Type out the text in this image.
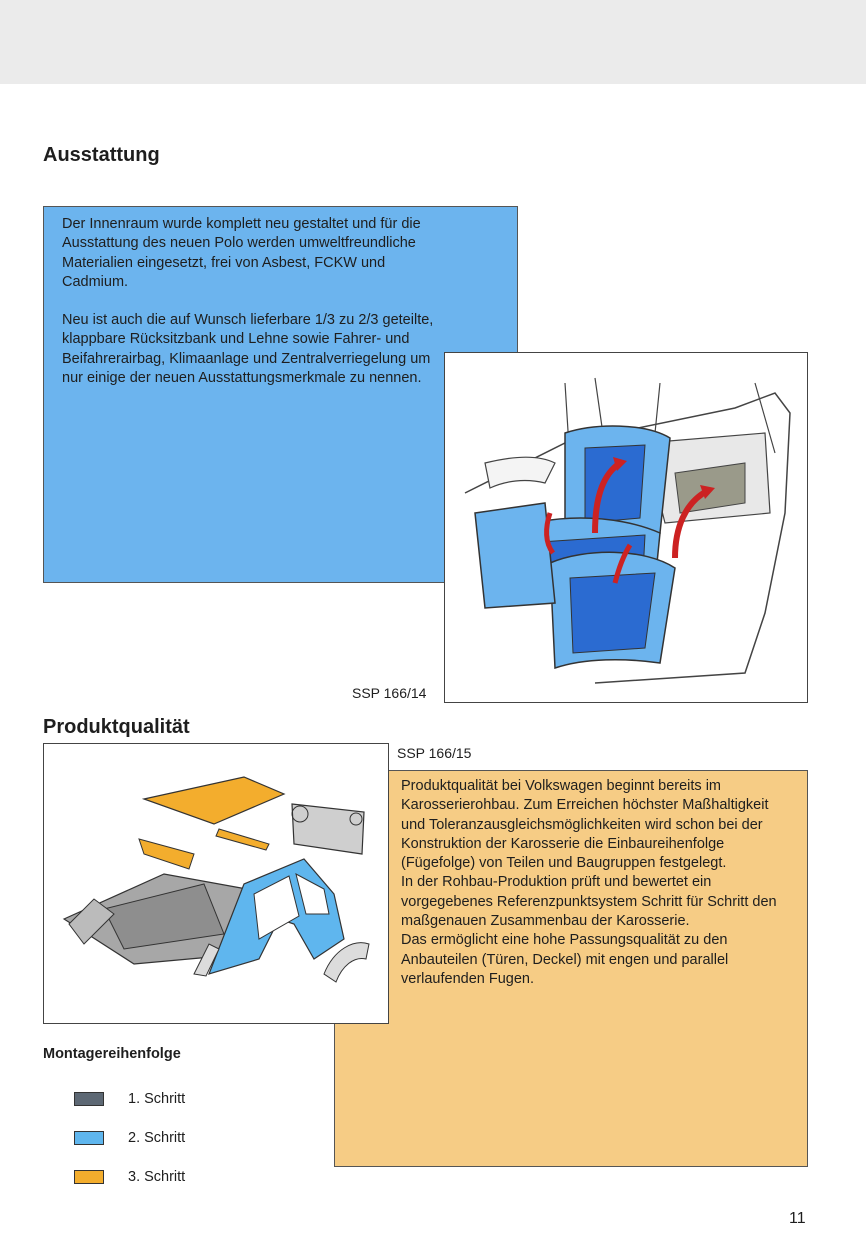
Ausstattung

Der Innenraum wurde komplett neu gestaltet und für die Ausstattung des neuen Polo werden umweltfreundliche Materialien eingesetzt, frei von Asbest, FCKW und Cadmium.

Neu ist auch die auf Wunsch lieferbare 1/3 zu 2/3 geteilte, klappbare Rücksitzbank und Lehne sowie Fahrer- und Beifahrerairbag, Klimaanlage und Zentralverriegelung um nur einige der neuen Ausstattungsmerkmale zu nennen.

SSP 166/14
Produktqualität
SSP 166/15

Produktqualität bei Volkswagen beginnt bereits im Karosserierohbau. Zum Erreichen höchster Maßhaltigkeit und Toleranzausgleichsmöglichkeiten wird schon bei der Konstruktion der Karosserie die Einbaureihenfolge (Fügefolge) von Teilen und Baugruppen festgelegt.

In der Rohbau-Produktion prüft und bewertet ein vorgegebenes Referenzpunktsystem Schritt für Schritt den maßgenauen Zusammenbau der Karosserie.

Das ermöglicht eine hohe Passungsqualität zu den Anbauteilen (Türen, Deckel) mit engen und parallel verlaufenden Fugen.

Montagereihenfolge
1. Schritt
2. Schritt
3. Schritt
11
